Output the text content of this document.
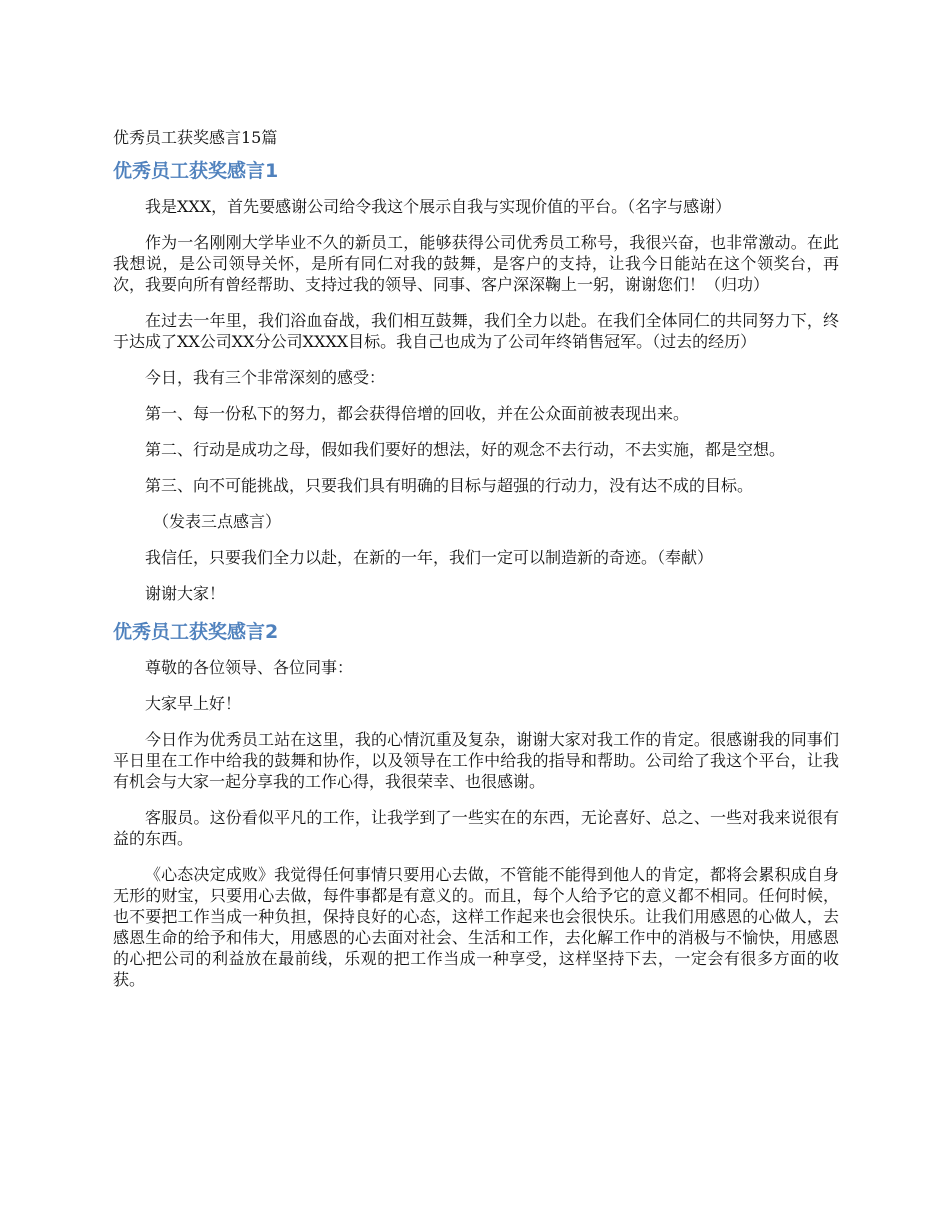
优秀员工获奖感言15篇
优秀员工获奖感言1

我是XXX，首先要感谢公司给令我这个展示自我与实现价值的平台。（名字与感谢）

作为一名刚刚大学毕业不久的新员工，能够获得公司优秀员工称号，我很兴奋，也非常激动。在此我想说，是公司领导关怀，是所有同仁对我的鼓舞，是客户的支持，让我今日能站在这个领奖台，再次，我要向所有曾经帮助、支持过我的领导、同事、客户深深鞠上一躬，谢谢您们！（归功）

在过去一年里，我们浴血奋战，我们相互鼓舞，我们全力以赴。在我们全体同仁的共同努力下，终于达成了XX公司XX分公司XXXX目标。我自己也成为了公司年终销售冠军。（过去的经历）

今日，我有三个非常深刻的感受：

第一、每一份私下的努力，都会获得倍增的回收，并在公众面前被表现出来。

第二、行动是成功之母，假如我们要好的想法，好的观念不去行动，不去实施，都是空想。

第三、向不可能挑战，只要我们具有明确的目标与超强的行动力，没有达不成的目标。

（发表三点感言）

我信任，只要我们全力以赴，在新的一年，我们一定可以制造新的奇迹。（奉献）

谢谢大家！

优秀员工获奖感言2

尊敬的各位领导、各位同事：

大家早上好！

今日作为优秀员工站在这里，我的心情沉重及复杂，谢谢大家对我工作的肯定。很感谢我的同事们平日里在工作中给我的鼓舞和协作，以及领导在工作中给我的指导和帮助。公司给了我这个平台，让我有机会与大家一起分享我的工作心得，我很荣幸、也很感谢。

客服员。这份看似平凡的工作，让我学到了一些实在的东西，无论喜好、总之、一些对我来说很有益的东西。

《心态决定成败》我觉得任何事情只要用心去做，不管能不能得到他人的肯定，都将会累积成自身无形的财宝，只要用心去做，每件事都是有意义的。而且，每个人给予它的意义都不相同。任何时候，也不要把工作当成一种负担，保持良好的心态，这样工作起来也会很快乐。让我们用感恩的心做人，去感恩生命的给予和伟大，用感恩的心去面对社会、生活和工作，去化解工作中的消极与不愉快，用感恩的心把公司的利益放在最前线，乐观的把工作当成一种享受，这样坚持下去，一定会有很多方面的收获。
